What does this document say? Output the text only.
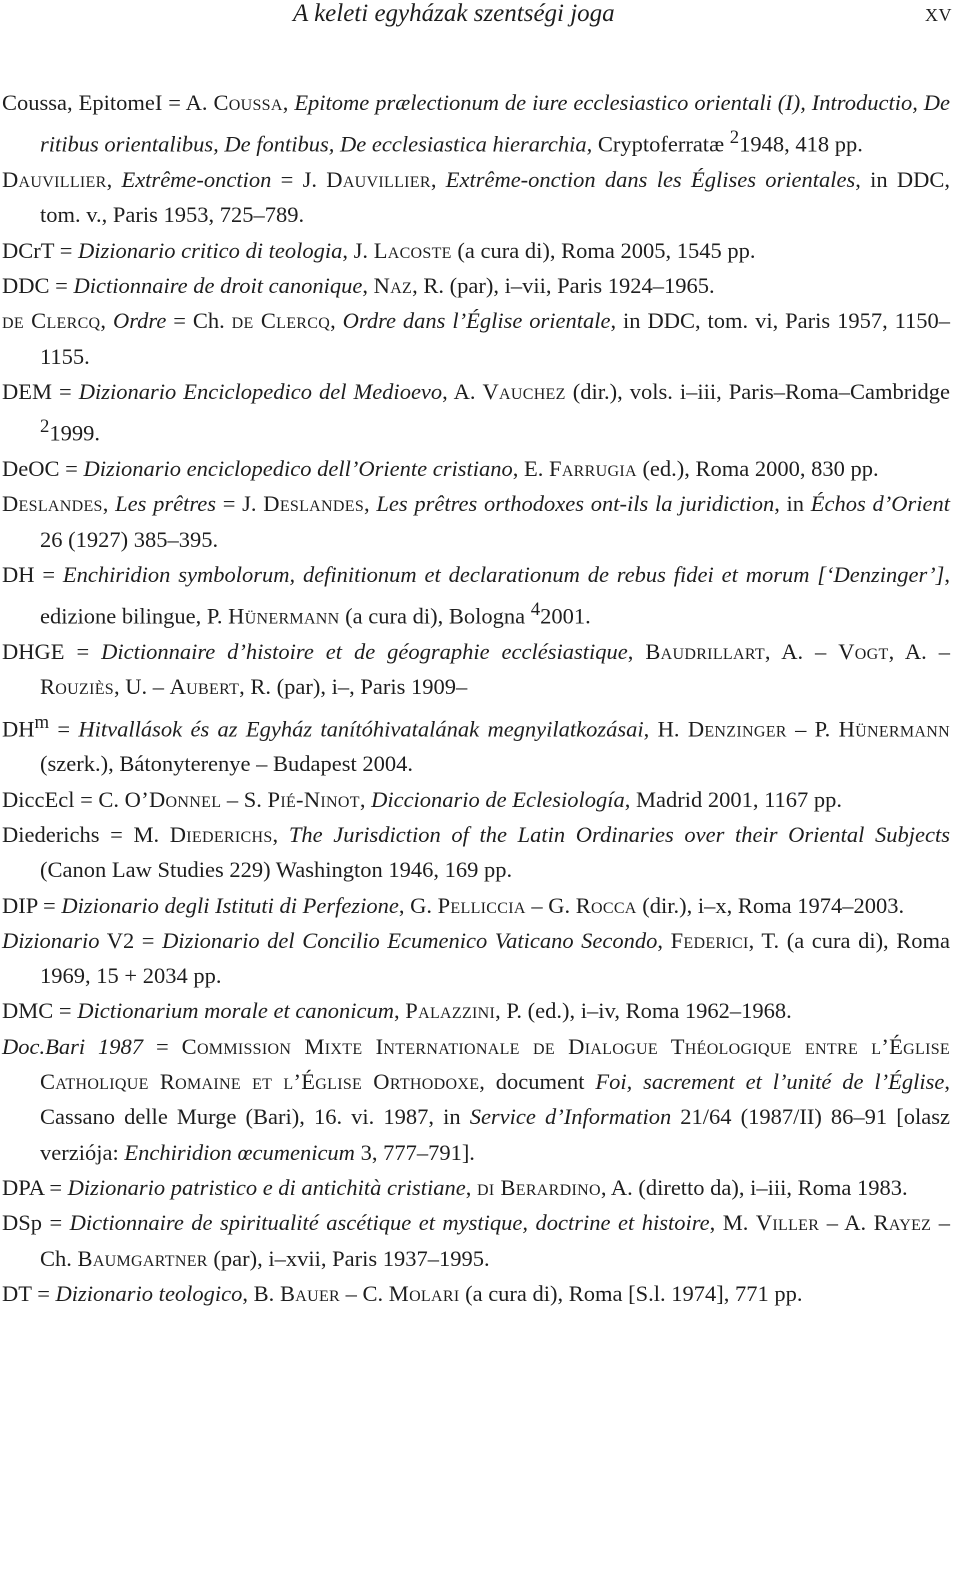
A keleti egyházak szentségi joga	xv
Coussa, EpitomeI = A. Coussa, Epitome prælectionum de iure ecclesiastico orientali (I), Introductio, De ritibus orientalibus, De fontibus, De ecclesiastica hierarchia, Cryptoferratæ $^2$1948, 418 pp.
Dauvillier, Extrême-onction = J. Dauvillier, Extrême-onction dans les Églises orientales, in DDC, tom. v., Paris 1953, 725–789.
DCrT = Dizionario critico di teologia, J. Lacoste (a cura di), Roma 2005, 1545 pp.
DDC = Dictionnaire de droit canonique, Naz, R. (par), i–vii, Paris 1924–1965.
de Clercq, Ordre = Ch. de Clercq, Ordre dans l’Église orientale, in DDC, tom. vi, Paris 1957, 1150–1155.
DEM = Dizionario Enciclopedico del Medioevo, A. Vauchez (dir.), vols. i–iii, Paris–Roma–Cambridge $^2$1999.
DeOC = Dizionario enciclopedico dell’Oriente cristiano, E. Farrugia (ed.), Roma 2000, 830 pp.
Deslandes, Les prêtres = J. Deslandes, Les prêtres orthodoxes ont-ils la juridiction, in Échos d’Orient 26 (1927) 385–395.
DH = Enchiridion symbolorum, definitionum et declarationum de rebus fidei et morum [‘Denzinger’], edizione bilingue, P. Hünermann (a cura di), Bologna $^4$2001.
DHGE = Dictionnaire d’histoire et de géographie ecclésiastique, Baudrillart, A. – Vogt, A. – Rouziès, U. – Aubert, R. (par), i–, Paris 1909–
$DH^m$ = Hitvallások és az Egyház tanítóhivatalának megnyilatkozásai, H. Denzinger – P. Hünermann (szerk.), Bátonyterenye – Budapest 2004.
DiccEcl = C. O’Donnel – S. Pié-Ninot, Diccionario de Eclesiología, Madrid 2001, 1167 pp.
Diederichs = M. Diederichs, The Jurisdiction of the Latin Ordinaries over their Oriental Subjects (Canon Law Studies 229) Washington 1946, 169 pp.
DIP = Dizionario degli Istituti di Perfezione, G. Pelliccia – G. Rocca (dir.), i–x, Roma 1974–2003.
Dizionario V2 = Dizionario del Concilio Ecumenico Vaticano Secondo, Federici, T. (a cura di), Roma 1969, 15 + 2034 pp.
DMC = Dictionarium morale et canonicum, Palazzini, P. (ed.), i–iv, Roma 1962–1968.
Doc.Bari 1987 = Commission Mixte Internationale de Dialogue Théologique entre l’Église Catholique Romaine et l’Église Orthodoxe, document Foi, sacrement et l’unité de l’Église, Cassano delle Murge (Bari), 16. vi. 1987, in Service d’Information 21/64 (1987/II) 86–91 [olasz verziója: Enchiridion œcumenicum 3, 777–791].
DPA = Dizionario patristico e di antichità cristiane, di Berardino, A. (diretto da), i–iii, Roma 1983.
DSp = Dictionnaire de spiritualité ascétique et mystique, doctrine et histoire, M. Viller – A. Rayez – Ch. Baumgartner (par), i–xvii, Paris 1937–1995.
DT = Dizionario teologico, B. Bauer – C. Molari (a cura di), Roma [S.l. 1974], 771 pp.
